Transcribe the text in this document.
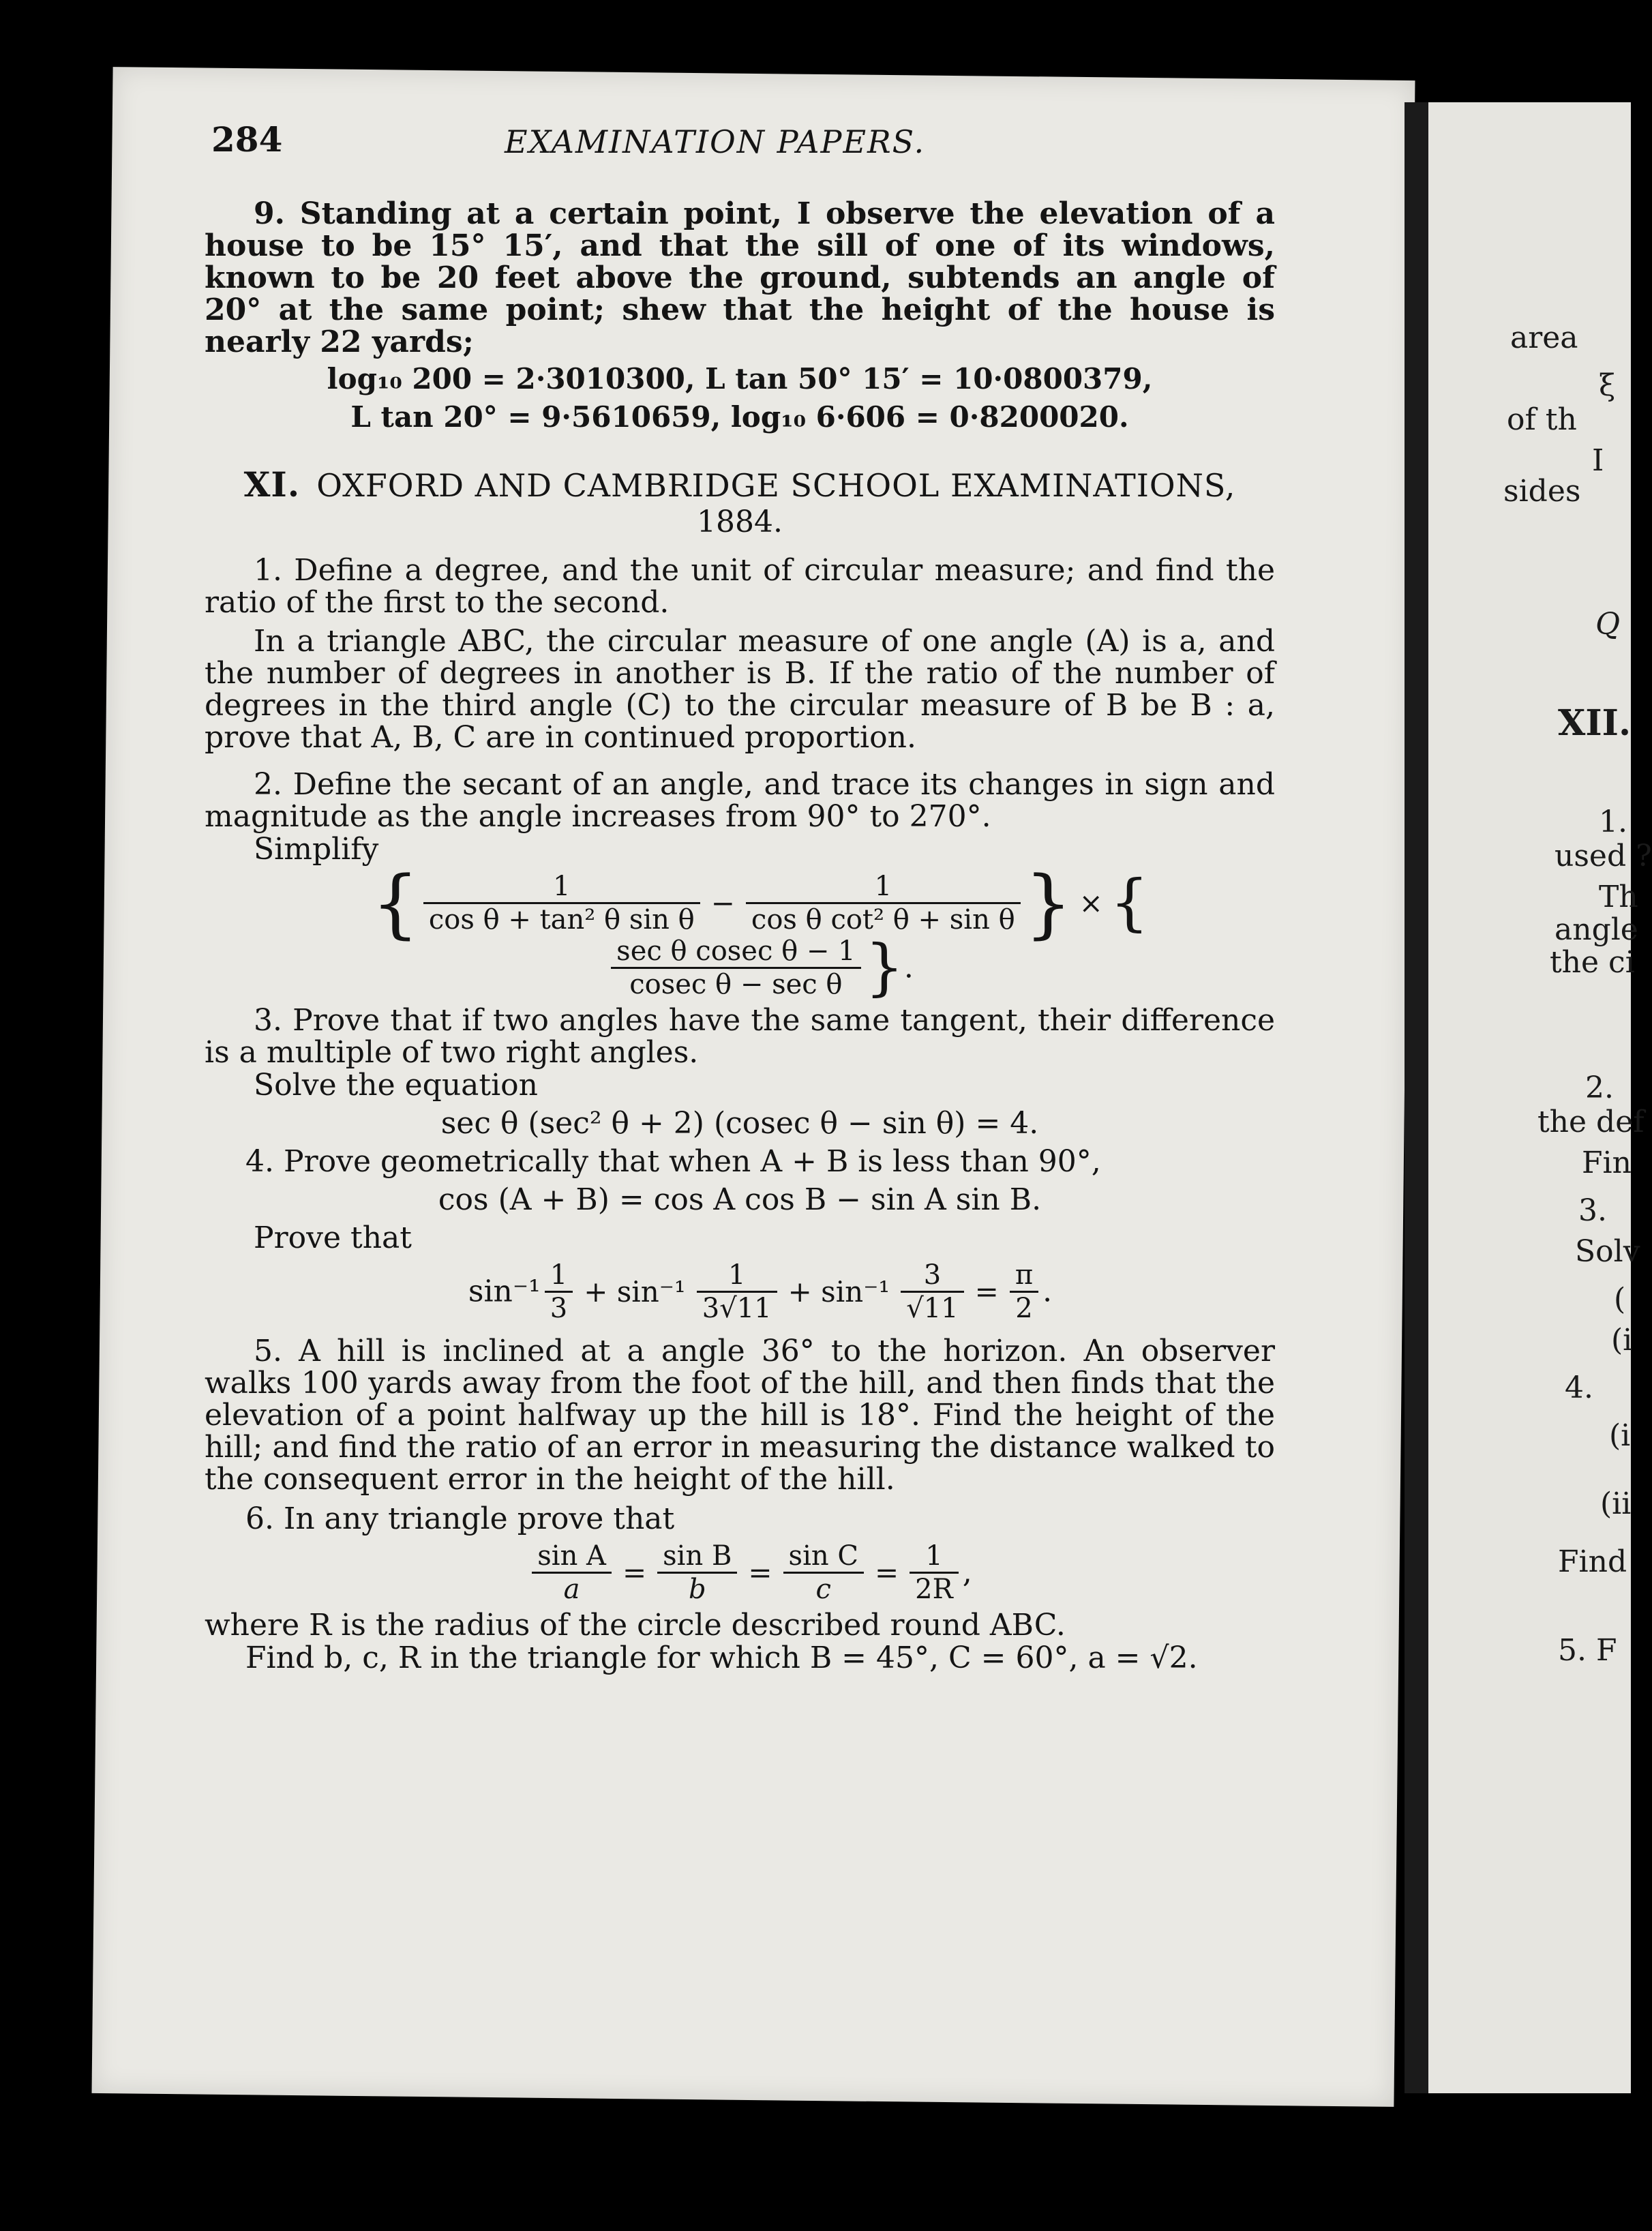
area
ξ
of th
I
sides
Q
XII.
1.
used ?
Th
angle
the ci
2.
the def
Fin
3.
Solv
(
(i
4.
(i
(ii
Find
5. F
284	EXAMINATION PAPERS.

9. Standing at a certain point, I observe the elevation of a house to be 15° 15′, and that the sill of one of its windows, known to be 20 feet above the ground, subtends an angle of 20° at the same point; shew that the height of the house is nearly 22 yards;

log₁₀ 200 = 2·3010300, L tan 50° 15′ = 10·0800379,
L tan 20° = 9·5610659, log₁₀ 6·606 = 0·8200020.
XI. OXFORD AND CAMBRIDGE SCHOOL EXAMINATIONS,
1884.

1. Define a degree, and the unit of circular measure; and find the ratio of the first to the second.

In a triangle ABC, the circular measure of one angle (A) is a, and the number of degrees in another is B. If the ratio of the number of degrees in the third angle (C) to the circular measure of B be B : a, prove that A, B, C are in continued proportion.

2. Define the secant of an angle, and trace its changes in sign and magnitude as the angle increases from 90° to 270°.

Simplify

{ $\frac{1}{\text{cos θ + tan² θ sin θ}} - \frac{1}{\text{cos θ cot² θ + sin θ}}$ } × {
$\frac{\text{sec θ cosec θ − 1}}{\text{cosec θ − sec θ}}$ }.

3. Prove that if two angles have the same tangent, their difference is a multiple of two right angles.

Solve the equation

sec θ (sec² θ + 2) (cosec θ − sin θ) = 4.

4. Prove geometrically that when A + B is less than 90°,

cos (A + B) = cos A cos B − sin A sin B.

Prove that

$\sin^{-1} \frac{1}{3} + \sin^{-1} \frac{1}{3√11} + \sin^{-1} \frac{3}{√11} = \frac{\pi}{2}$ .

5. A hill is inclined at a angle 36° to the horizon. An observer walks 100 yards away from the foot of the hill, and then finds that the elevation of a point halfway up the hill is 18°. Find the height of the hill; and find the ratio of an error in measuring the distance walked to the consequent error in the height of the hill.

6. In any triangle prove that

$\frac{\text{sin A}}{a} = \frac{\text{sin B}}{b} = \frac{\text{sin C}}{c} = \frac{1}{2R}$ ,

where R is the radius of the circle described round ABC.

Find b, c, R in the triangle for which B = 45°, C = 60°, a = √2.
